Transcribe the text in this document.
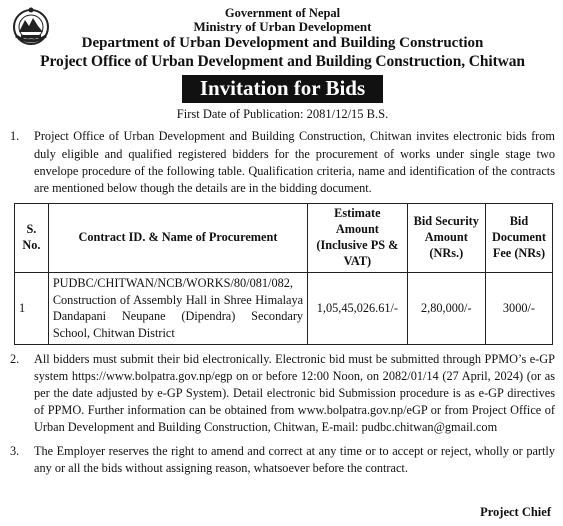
Government of Nepal
Ministry of Urban Development
Department of Urban Development and Building Construction
Project Office of Urban Development and Building Construction, Chitwan
Invitation for Bids
First Date of Publication: 2081/12/15 B.S.
1.	Project Office of Urban Development and Building Construction, Chitwan invites electronic bids from duly eligible and qualified registered bidders for the procurement of works under single stage two envelope procedure of the following table. Qualification criteria, name and identification of the contracts are mentioned below though the details are in the bidding document.
S. No.	Contract ID. & Name of Procurement	Estimate Amount (Inclusive PS & VAT)	Bid Security Amount (NRs.)	Bid Document Fee (NRs)
1	PUDBC/CHITWAN/NCB/WORKS/80/081/082, Construction of Assembly Hall in Shree Himalaya Dandapani Neupane (Dipendra) Secondary School, Chitwan District	1,05,45,026.61/-	2,80,000/-	3000/-
2.	All bidders must submit their bid electronically. Electronic bid must be submitted through PPMO’s e-GP system https://www.bolpatra.gov.np/egp on or before 12:00 Noon, on 2082/01/14 (27 April, 2024) (or as per the date adjusted by e-GP System). Detail electronic bid Submission procedure is as e-GP directives of PPMO. Further information can be obtained from www.bolpatra.gov.np/eGP or from Project Office of Urban Development and Building Construction, Chitwan, E-mail: pudbc.chitwan@gmail.com
3.	The Employer reserves the right to amend and correct at any time or to accept or reject, wholly or partly any or all the bids without assigning reason, whatsoever before the contract.
Project Chief
